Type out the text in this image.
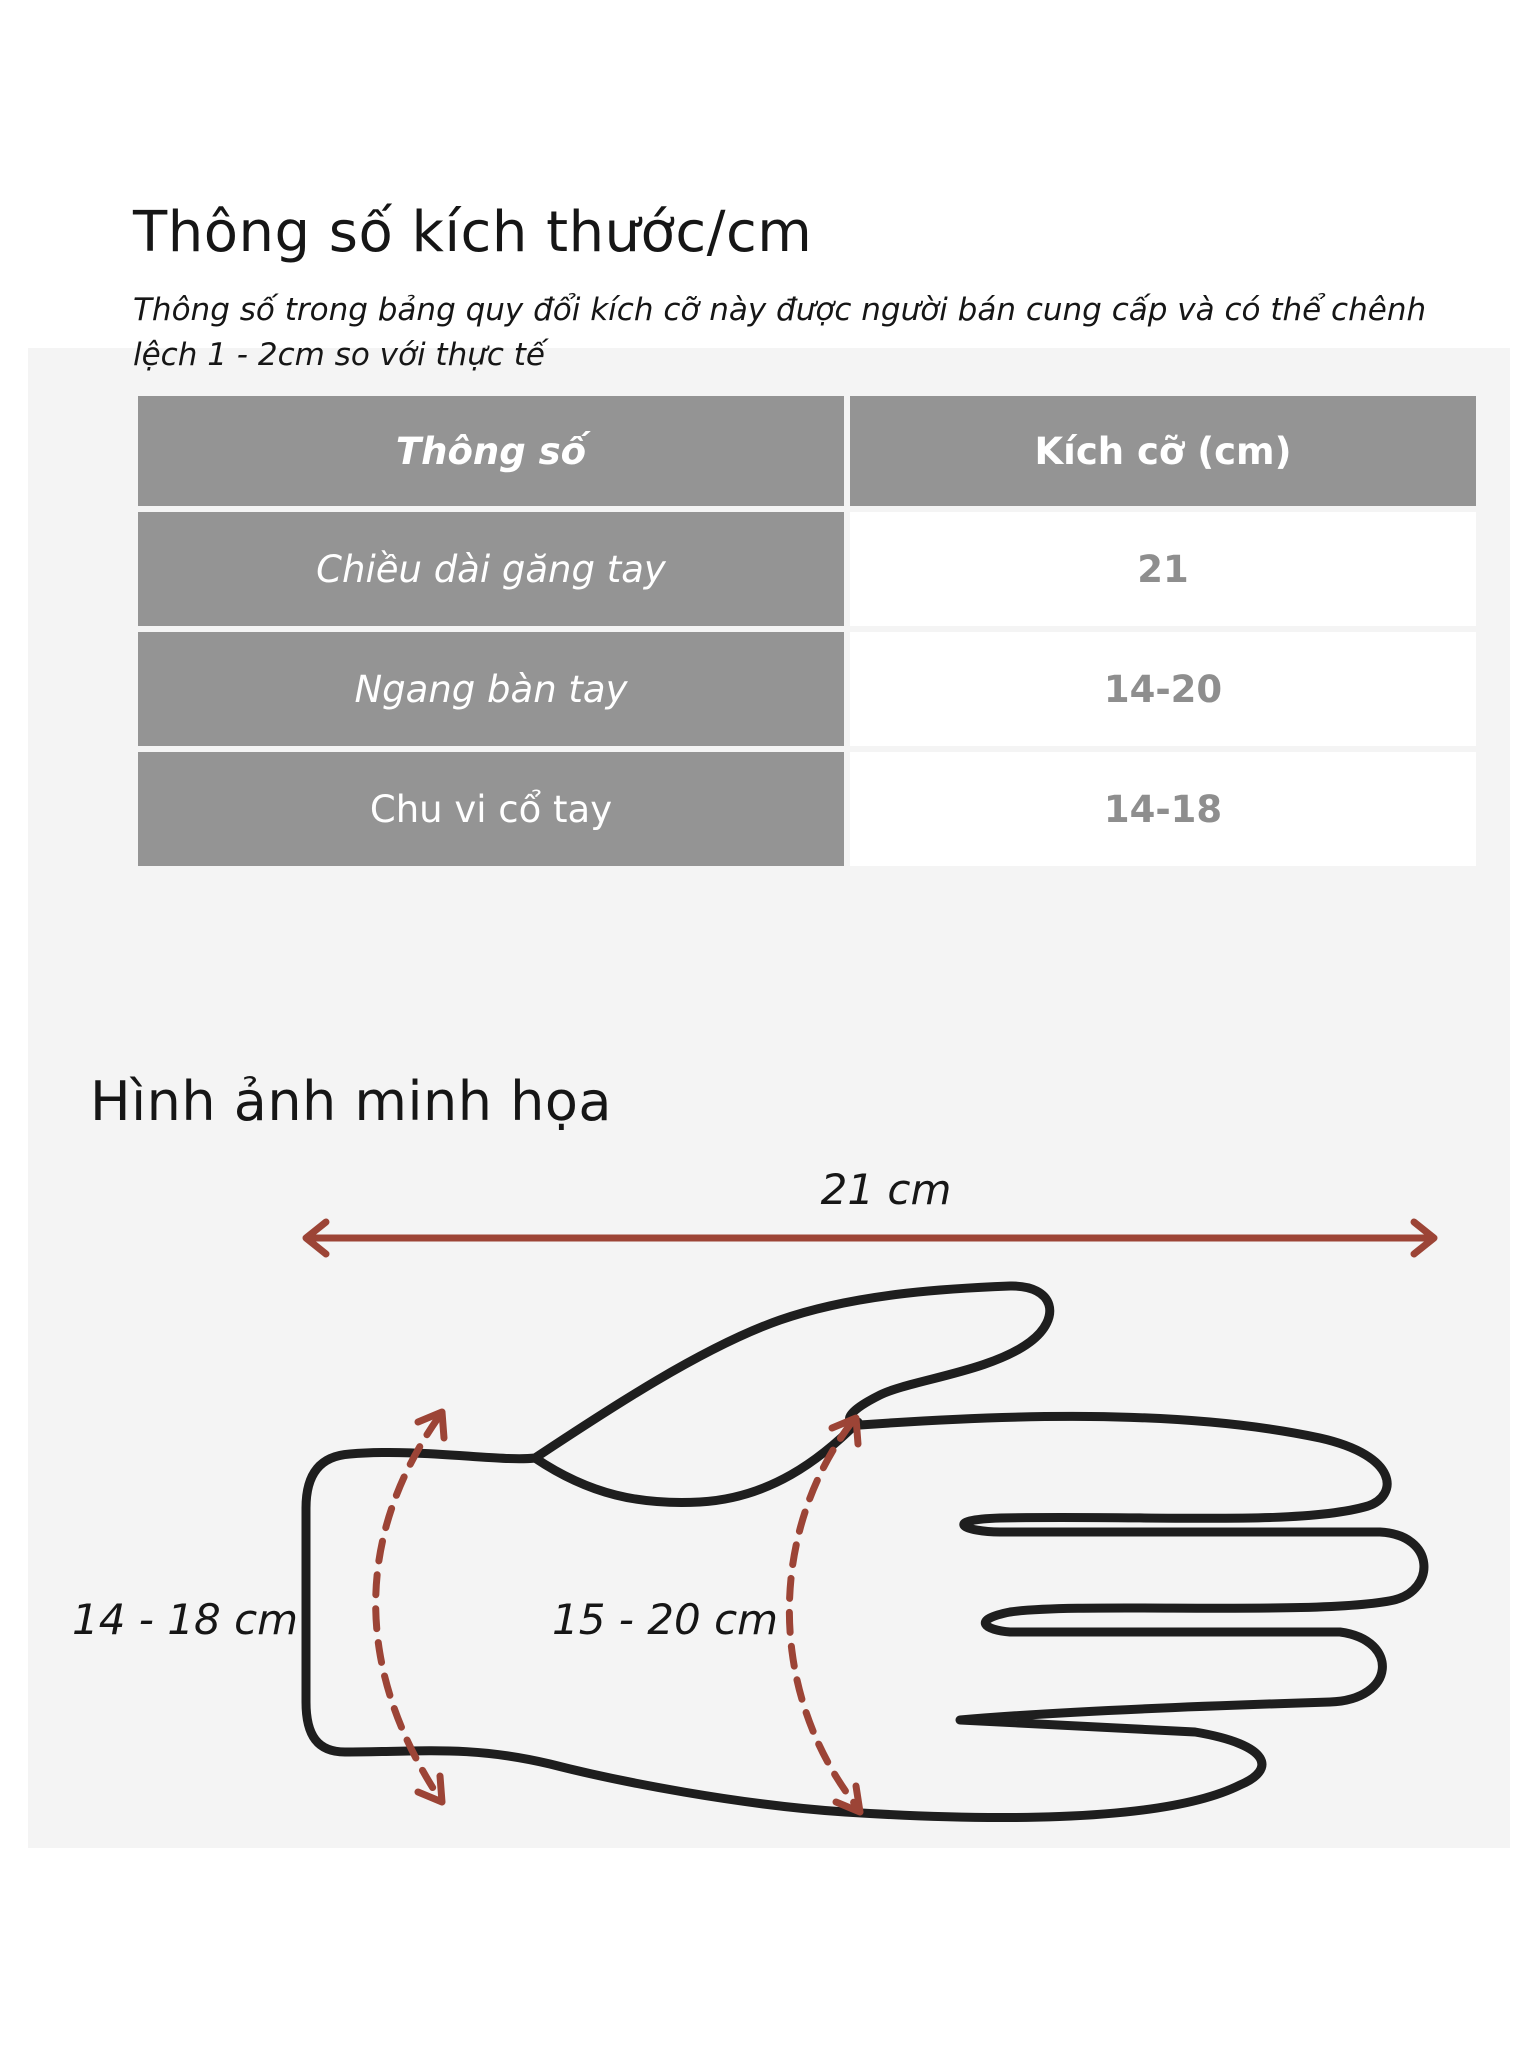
Thông số kích thước/cm

Thông số trong bảng quy đổi kích cỡ này được người bán cung cấp và có thể chênh
lệch 1 - 2cm so với thực tế

Thông số	Kích cỡ (cm)
Chiều dài găng tay	21
Ngang bàn tay	14-20
Chu vi cổ tay	14-18
Hình ảnh minh họa
21 cm
14 - 18 cm	15 - 20 cm
